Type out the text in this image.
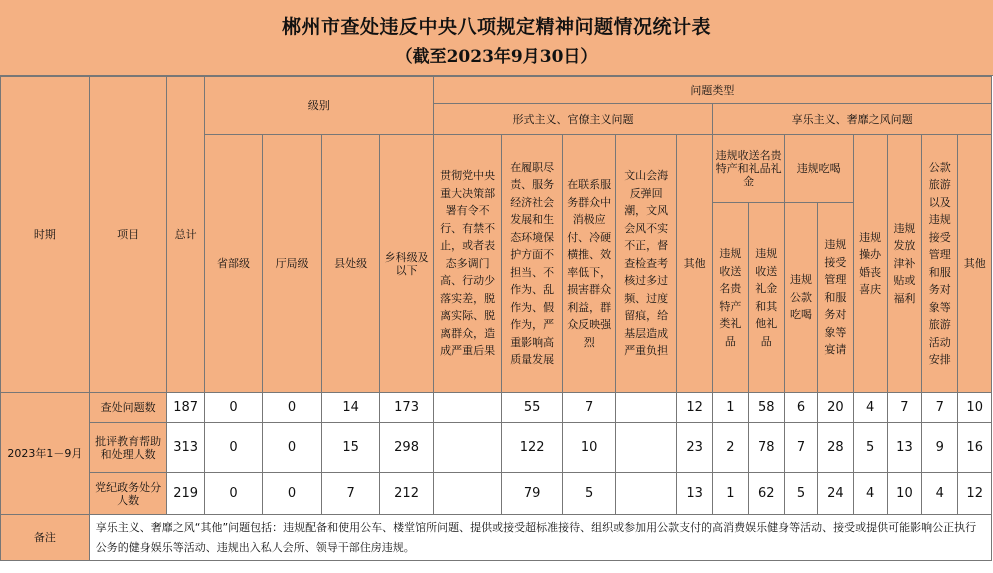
郴州市查处违反中央八项规定精神问题情况统计表
（截至2023年9月30日）
时期	项目	总计	级别				问题类型												
							形式主义、官僚主义问题					享乐主义、奢靡之风问题							
			省部级	厅局级	县处级	乡科级及以下	贯彻党中央重大决策部署有令不行、有禁不止，或者表态多调门高、行动少落实差，脱离实际、脱离群众，造成严重后果	在履职尽责、服务经济社会发展和生态环境保护方面不担当、不作为、乱作为、假作为，严重影响高质量发展	在联系服务群众中消极应付、冷硬横推、效率低下，损害群众利益，群众反映强烈	文山会海反弹回潮，文风会风不实不正，督查检查考核过多过频、过度留痕，给基层造成严重负担	其他	违规收送名贵特产和礼品礼金		违规吃喝		违规操办婚丧喜庆	违规发放津补贴或福利	公款旅游以及违规接受管理和服务对象等旅游活动安排	其他

												违规收送名贵特产类礼品	违规收送礼金和其他礼品	违规公款吃喝	违规接受管理和服务对象等宴请				
2023年1－9月	查处问题数	187	0	0	14	173		55	7		12	1	58	6	20	4	7	7	10
	批评教育帮助和处理人数	313	0	0	15	298		122	10		23	2	78	7	28	5	13	9	16
	党纪政务处分人数	219	0	0	7	212		79	5		13	1	62	5	24	4	10	4	12
备注	享乐主义、奢靡之风“其他”问题包括：违规配备和使用公车、楼堂馆所问题、提供或接受超标准接待、组织或参加用公款支付的高消费娱乐健身等活动、接受或提供可能影响公正执行公务的健身娱乐等活动、违规出入私人会所、领导干部住房违规。																		
